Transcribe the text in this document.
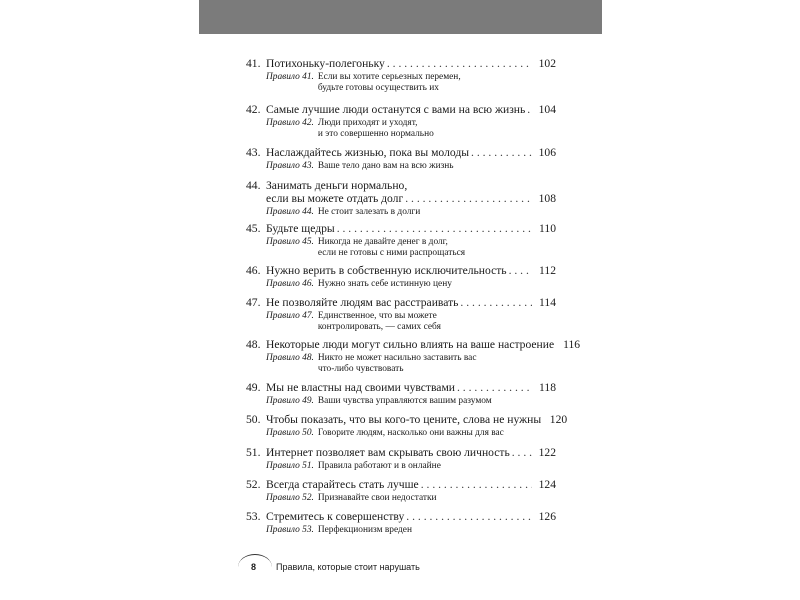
41. Потихоньку-полегоньку . . .	102
Правило 41. Если вы хотите серьезных перемен,
будьте готовы осуществить их
42. Самые лучшие люди останутся с вами на всю жизнь . . .	104
Правило 42. Люди приходят и уходят,
и это совершенно нормально
43. Наслаждайтесь жизнью, пока вы молоды . . .	106
Правило 43. Ваше тело дано вам на всю жизнь
44. Занимать деньги нормально,
если вы можете отдать долг . . .	108
Правило 44. Не стоит залезать в долги
45. Будьте щедры . . .	110
Правило 45. Никогда не давайте денег в долг,
если не готовы с ними распрощаться
46. Нужно верить в собственную исключительность . . .	112
Правило 46. Нужно знать себе истинную цену
47. Не позволяйте людям вас расстраивать . . .	114
Правило 47. Единственное, что вы можете
контролировать, — самих себя
48. Некоторые люди могут сильно влиять на ваше настроение 116
Правило 48. Никто не может насильно заставить вас
что-либо чувствовать
49. Мы не властны над своими чувствами . . .	118
Правило 49. Ваши чувства управляются вашим разумом
50. Чтобы показать, что вы кого-то цените, слова не нужны 120
Правило 50. Говорите людям, насколько они важны для вас
51. Интернет позволяет вам скрывать свою личность . . .	122
Правило 51. Правила работают и в онлайне
52. Всегда старайтесь стать лучше . . .	124
Правило 52. Признавайте свои недостатки
53. Стремитесь к совершенству . . .	126
Правило 53. Перфекционизм вреден
8 Правила, которые стоит нарушать
